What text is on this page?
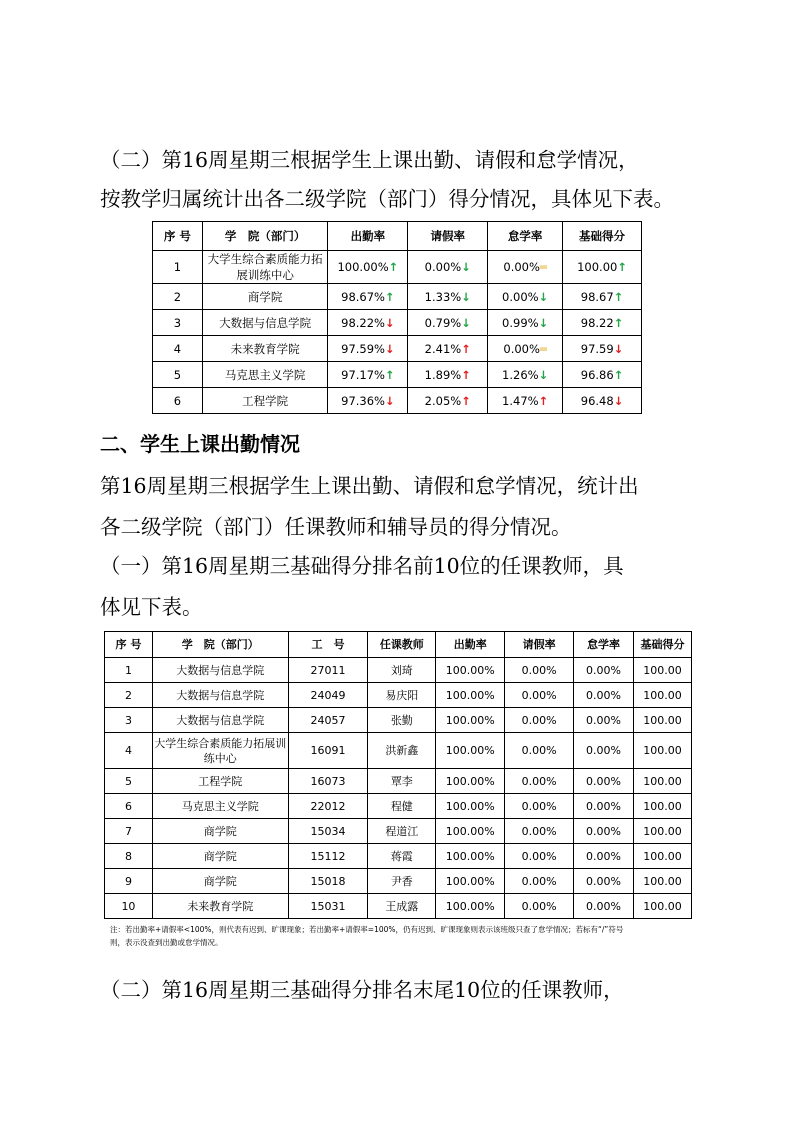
（二）第16周星期三根据学生上课出勤、请假和怠学情况，

按教学归属统计出各二级学院（部门）得分情况，具体见下表。

序 号	学　院（部门）	出勤率	请假率	怠学率	基础得分
1	大学生综合素质能力拓展训练中心	100.00%↑	0.00%↓	0.00%═	100.00↑
2	商学院	98.67%↑	1.33%↓	0.00%↓	98.67↑
3	大数据与信息学院	98.22%↓	0.79%↓	0.99%↓	98.22↑
4	未来教育学院	97.59%↓	2.41%↑	0.00%═	97.59↓
5	马克思主义学院	97.17%↑	1.89%↑	1.26%↓	96.86↑
6	工程学院	97.36%↓	2.05%↑	1.47%↑	96.48↓

二、学生上课出勤情况

第16周星期三根据学生上课出勤、请假和怠学情况，统计出

各二级学院（部门）任课教师和辅导员的得分情况。

（一）第16周星期三基础得分排名前10位的任课教师，具

体见下表。

序 号	学　院（部门）	工　号	任课教师	出勤率	请假率	怠学率	基础得分
1	大数据与信息学院	27011	刘琦	100.00%	0.00%	0.00%	100.00
2	大数据与信息学院	24049	易庆阳	100.00%	0.00%	0.00%	100.00
3	大数据与信息学院	24057	张勤	100.00%	0.00%	0.00%	100.00
4	大学生综合素质能力拓展训练中心	16091	洪新鑫	100.00%	0.00%	0.00%	100.00
5	工程学院	16073	覃李	100.00%	0.00%	0.00%	100.00
6	马克思主义学院	22012	程健	100.00%	0.00%	0.00%	100.00
7	商学院	15034	程道江	100.00%	0.00%	0.00%	100.00
8	商学院	15112	蒋霞	100.00%	0.00%	0.00%	100.00
9	商学院	15018	尹香	100.00%	0.00%	0.00%	100.00
10	未来教育学院	15031	王成露	100.00%	0.00%	0.00%	100.00
注：若出勤率+请假率<100%，则代表有迟到、旷课现象；若出勤率+请假率=100%，仍有迟到、旷课现象则表示该班级只查了怠学情况；若标有“/”符号
则，表示没查到出勤或怠学情况。

（二）第16周星期三基础得分排名末尾10位的任课教师，
